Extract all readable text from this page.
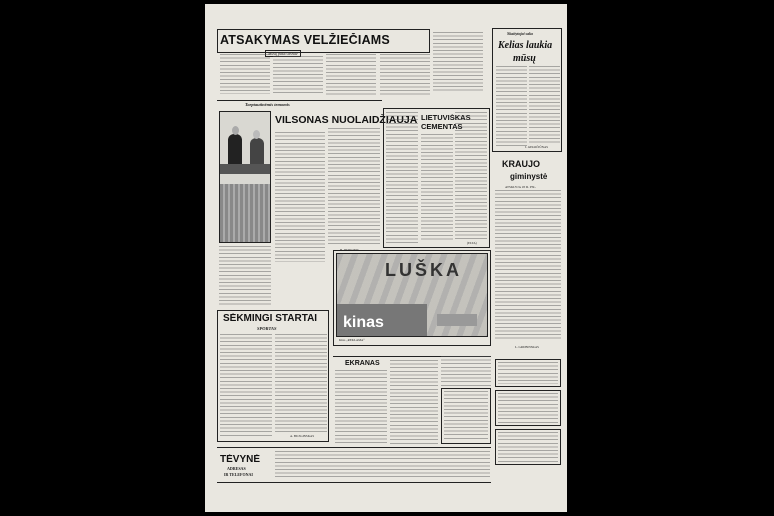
ATSAKYMAS VELŽIEČIAMS
Mūsų pašto dėžutė
Skaitytojai sako
Kelias laukia
mūsų
J. ATKOČIŪNAS
Tarptautinėmis temomis
VILSONAS NUOLAIDŽIAUJA
B. PETRONIS
LIETUVIŠKAS
CEMENTAS
(ELTA)
KRAUJO
giminystė
ATSKLYJA 18 D. PSL.
L. GRUBINSKAS
LUŠKA
kinas
Kino „REKLAMA“
SĖKMINGI STARTAI
SPORTAS
A. BUZGINSKAS
EKRANAS
TĖVYNĖ
ADRESAS
IR TELEFONAI
